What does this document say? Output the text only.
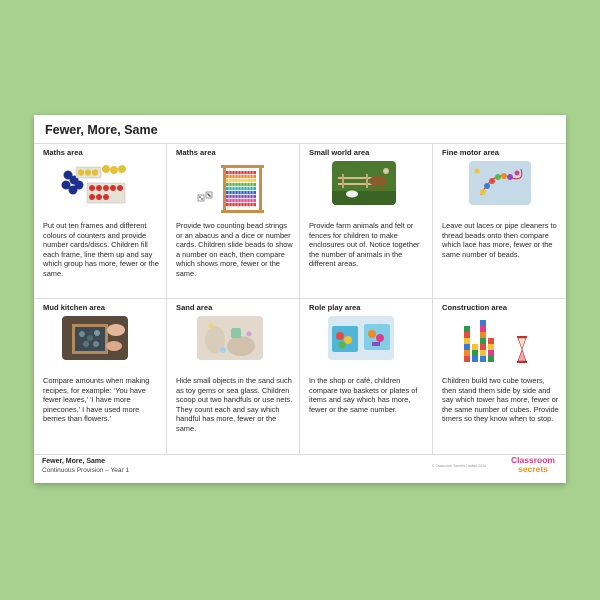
Fewer, More, Same
Maths area
Put out ten frames and different colours of counters and provide number cards/discs. Children fill each frame, line them up and say which group has more, fewer or the same.
Maths area
Provide two counting bead strings or an abacus and a dice or number cards. Children slide beads to show a number on each, then compare which shows more, fewer or the same.
Small world area
Provide farm animals and felt or fences for children to make enclosures out of. Notice together the number of animals in the different areas.
Fine motor area
Leave out laces or pipe cleaners to thread beads onto then compare which lace has more, fewer or the same number of beads.
Mud kitchen area
Compare amounts when making recipes, for example: ‘You have fewer leaves,’ ‘I have more pinecones,’ I have used more berries than flowers.’
Sand area
Hide small objects in the sand such as toy gems or sea glass. Children scoop out two handfuls or use nets. They count each and say which handful has more, fewer or the same.
Role play area
In the shop or café, children compare two baskets or plates of items and say which has more, fewer or the same number.
Construction area
Children build two cube towers, then stand them side by side and say which tower has more, fewer or the same number of cubes. Provide timers so they know when to stop.
Fewer, More, Same
Continuous Provision – Year 1
© Classroom Secrets Limited 2020
Classroom
secrets
